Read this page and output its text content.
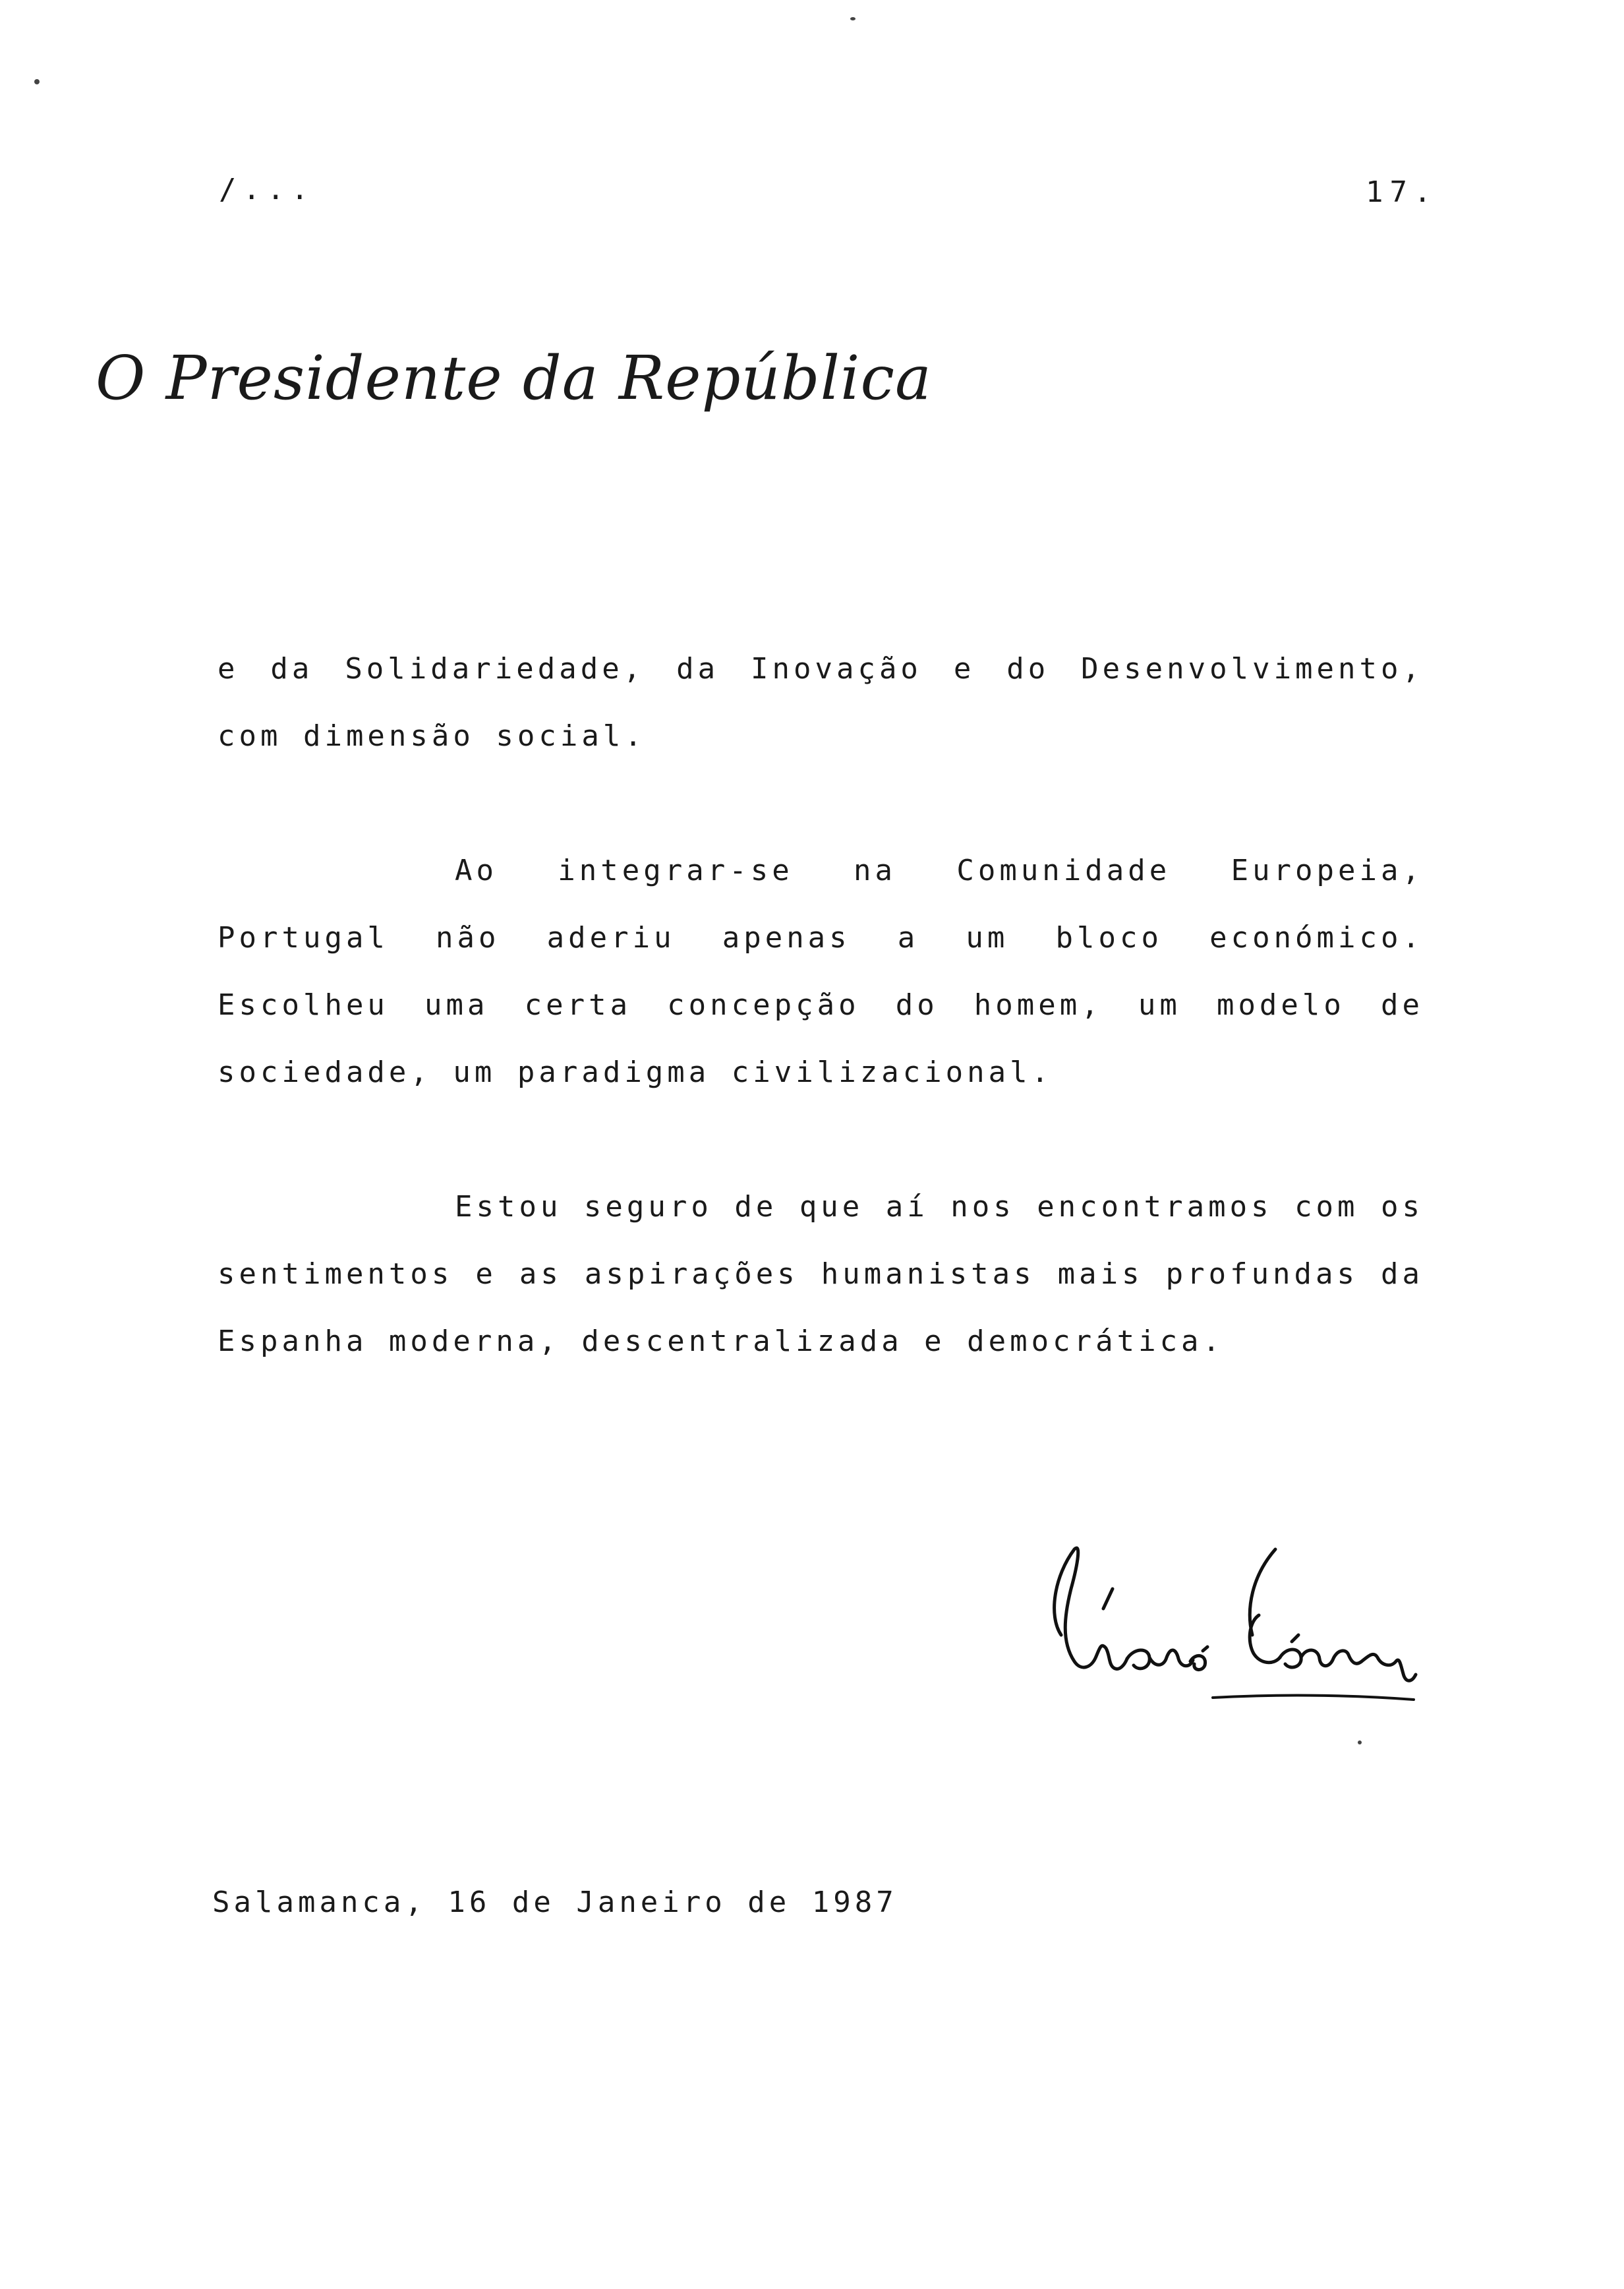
/...	17.
O Presidente da República

e da Solidariedade, da Inovação e do Desenvolvimento, com dimensão social.

Ao integrar-se na Comunidade Europeia, Portugal não aderiu apenas a um bloco económico. Escolheu uma certa concepção do homem, um modelo de sociedade, um paradigma civilizacional.

Estou seguro de que aí nos encontramos com os sentimentos e as aspirações humanistas mais profundas da Espanha moderna, descentralizada e democrática.

Salamanca, 16 de Janeiro de 1987
